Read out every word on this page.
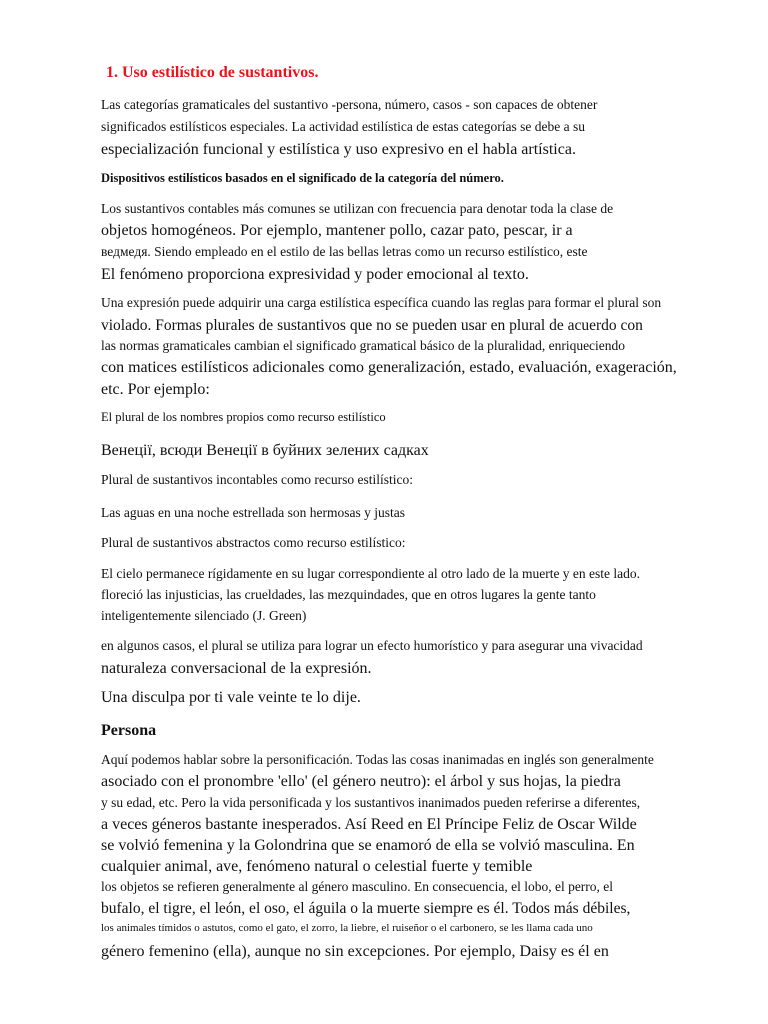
1. Uso estilístico de sustantivos.
Las categorías gramaticales del sustantivo -persona, número, casos - son capaces de obtener
significados estilísticos especiales. La actividad estilística de estas categorías se debe a su
especialización funcional y estilística y uso expresivo en el habla artística.
Dispositivos estilísticos basados en el significado de la categoría del número.
Los sustantivos contables más comunes se utilizan con frecuencia para denotar toda la clase de
objetos homogéneos. Por ejemplo, mantener pollo, cazar pato, pescar, ir a
ведмедя. Siendo empleado en el estilo de las bellas letras como un recurso estilístico, este
El fenómeno proporciona expresividad y poder emocional al texto.
Una expresión puede adquirir una carga estilística específica cuando las reglas para formar el plural son
violado. Formas plurales de sustantivos que no se pueden usar en plural de acuerdo con
las normas gramaticales cambian el significado gramatical básico de la pluralidad, enriqueciendo
con matices estilísticos adicionales como generalización, estado, evaluación, exageración,
etc. Por ejemplo:
El plural de los nombres propios como recurso estilístico
Венеції, всюди Венеції в буйних зелених садках
Plural de sustantivos incontables como recurso estilístico:
Las aguas en una noche estrellada son hermosas y justas
Plural de sustantivos abstractos como recurso estilístico:
El cielo permanece rígidamente en su lugar correspondiente al otro lado de la muerte y en este lado.
floreció las injusticias, las crueldades, las mezquindades, que en otros lugares la gente tanto
inteligentemente silenciado (J. Green)
en algunos casos, el plural se utiliza para lograr un efecto humorístico y para asegurar una vivacidad
naturaleza conversacional de la expresión.
Una disculpa por ti vale veinte te lo dije.
Persona
Aquí podemos hablar sobre la personificación. Todas las cosas inanimadas en inglés son generalmente
asociado con el pronombre 'ello' (el género neutro): el árbol y sus hojas, la piedra
y su edad, etc. Pero la vida personificada y los sustantivos inanimados pueden referirse a diferentes,
a veces géneros bastante inesperados. Así Reed en El Príncipe Feliz de Oscar Wilde
se volvió femenina y la Golondrina que se enamoró de ella se volvió masculina. En
cualquier animal, ave, fenómeno natural o celestial fuerte y temible
los objetos se refieren generalmente al género masculino. En consecuencia, el lobo, el perro, el
bufalo, el tigre, el león, el oso, el águila o la muerte siempre es él. Todos más débiles,
los animales tímidos o astutos, como el gato, el zorro, la liebre, el ruiseñor o el carbonero, se les llama cada uno
género femenino (ella), aunque no sin excepciones. Por ejemplo, Daisy es él en
